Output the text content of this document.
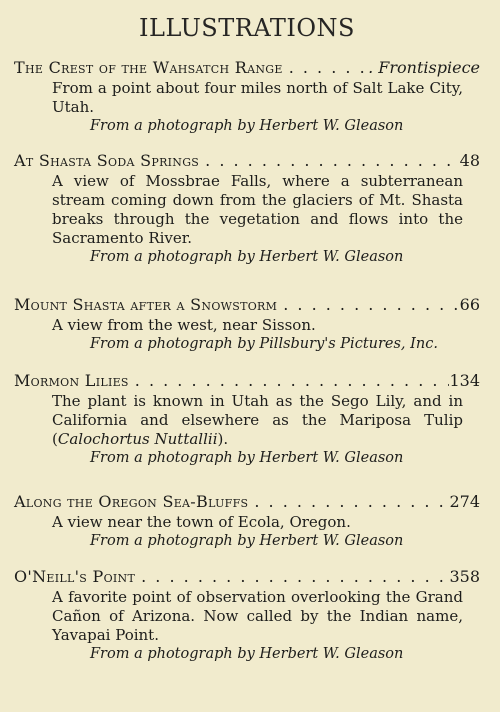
ILLUSTRATIONS
The Crest of the Wahsatch Range . . .	. Frontispiece
From a point about four miles north of Salt Lake City, Utah.
From a photograph by Herbert W. Gleason
At Shasta Soda Springs . . .	48
A view of Mossbrae Falls, where a subterranean stream coming down from the glaciers of Mt. Shasta breaks through the vegetation and flows into the Sacramento River.
From a photograph by Herbert W. Gleason
Mount Shasta after a Snowstorm . . .	66
A view from the west, near Sisson.
From a photograph by Pillsbury's Pictures, Inc.
Mormon Lilies . . .	134
The plant is known in Utah as the Sego Lily, and in California and elsewhere as the Mariposa Tulip (Calochortus Nuttallii).
From a photograph by Herbert W. Gleason
Along the Oregon Sea-Bluffs . . .	274
A view near the town of Ecola, Oregon.
From a photograph by Herbert W. Gleason
O'Neill's Point . . .	358
A favorite point of observation overlooking the Grand Cañon of Arizona. Now called by the Indian name, Yavapai Point.
From a photograph by Herbert W. Gleason
